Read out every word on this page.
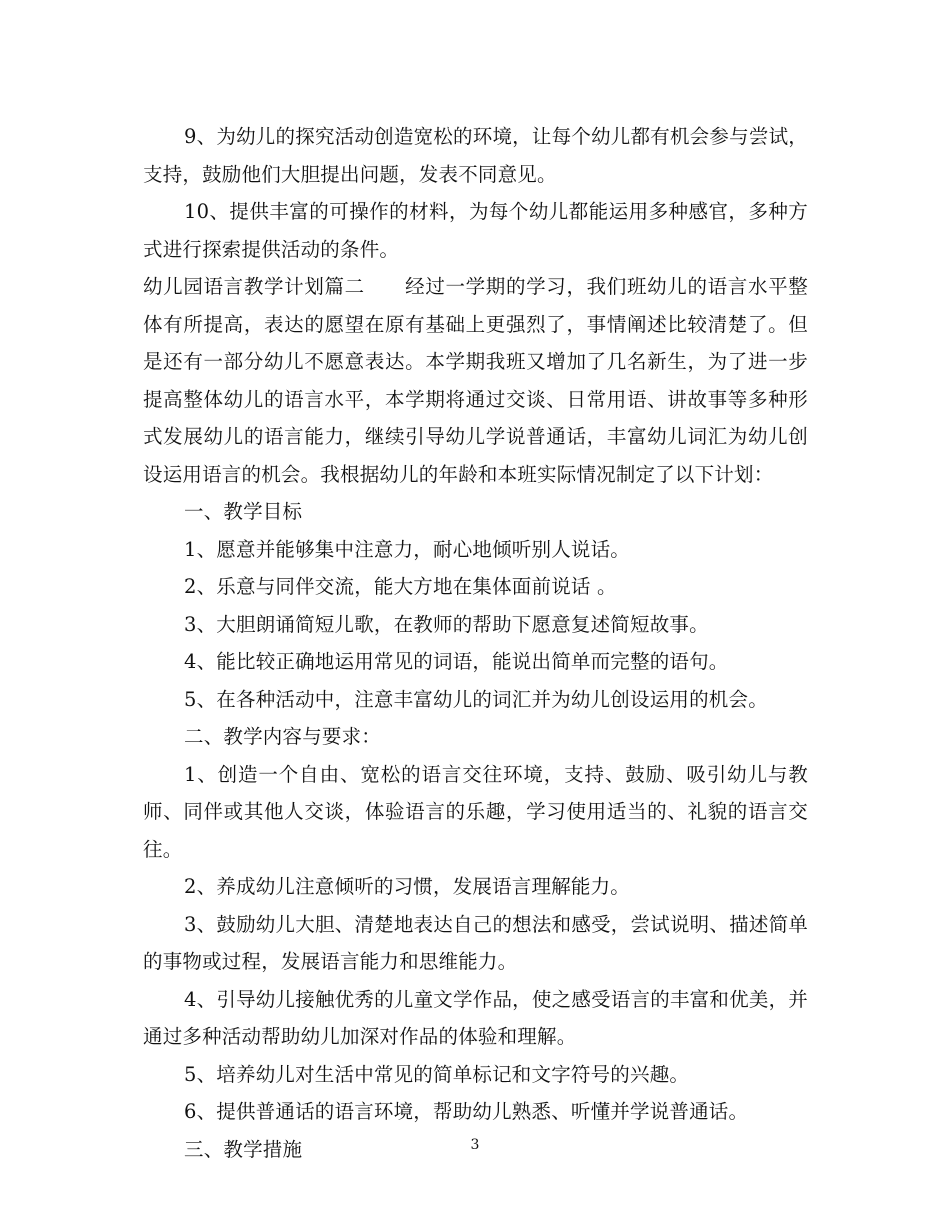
9、为幼儿的探究活动创造宽松的环境，让每个幼儿都有机会参与尝试，支持，鼓励他们大胆提出问题，发表不同意见。

10、提供丰富的可操作的材料，为每个幼儿都能运用多种感官，多种方式进行探索提供活动的条件。

幼儿园语言教学计划篇二　　经过一学期的学习，我们班幼儿的语言水平整体有所提高，表达的愿望在原有基础上更强烈了，事情阐述比较清楚了。但是还有一部分幼儿不愿意表达。本学期我班又增加了几名新生，为了进一步提高整体幼儿的语言水平，本学期将通过交谈、日常用语、讲故事等多种形式发展幼儿的语言能力，继续引导幼儿学说普通话，丰富幼儿词汇为幼儿创设运用语言的机会。我根据幼儿的年龄和本班实际情况制定了以下计划：

一、教学目标

1、愿意并能够集中注意力，耐心地倾听别人说话。

2、乐意与同伴交流，能大方地在集体面前说话 。

3、大胆朗诵简短儿歌，在教师的帮助下愿意复述简短故事。

4、能比较正确地运用常见的词语，能说出简单而完整的语句。

5、在各种活动中，注意丰富幼儿的词汇并为幼儿创设运用的机会。

二、教学内容与要求：

1、创造一个自由、宽松的语言交往环境，支持、鼓励、吸引幼儿与教师、同伴或其他人交谈，体验语言的乐趣，学习使用适当的、礼貌的语言交往。

2、养成幼儿注意倾听的习惯，发展语言理解能力。

3、鼓励幼儿大胆、清楚地表达自己的想法和感受，尝试说明、描述简单的事物或过程，发展语言能力和思维能力。

4、引导幼儿接触优秀的儿童文学作品，使之感受语言的丰富和优美，并通过多种活动帮助幼儿加深对作品的体验和理解。

5、培养幼儿对生活中常见的简单标记和文字符号的兴趣。

6、提供普通话的语言环境，帮助幼儿熟悉、听懂并学说普通话。

三、教学措施	3
